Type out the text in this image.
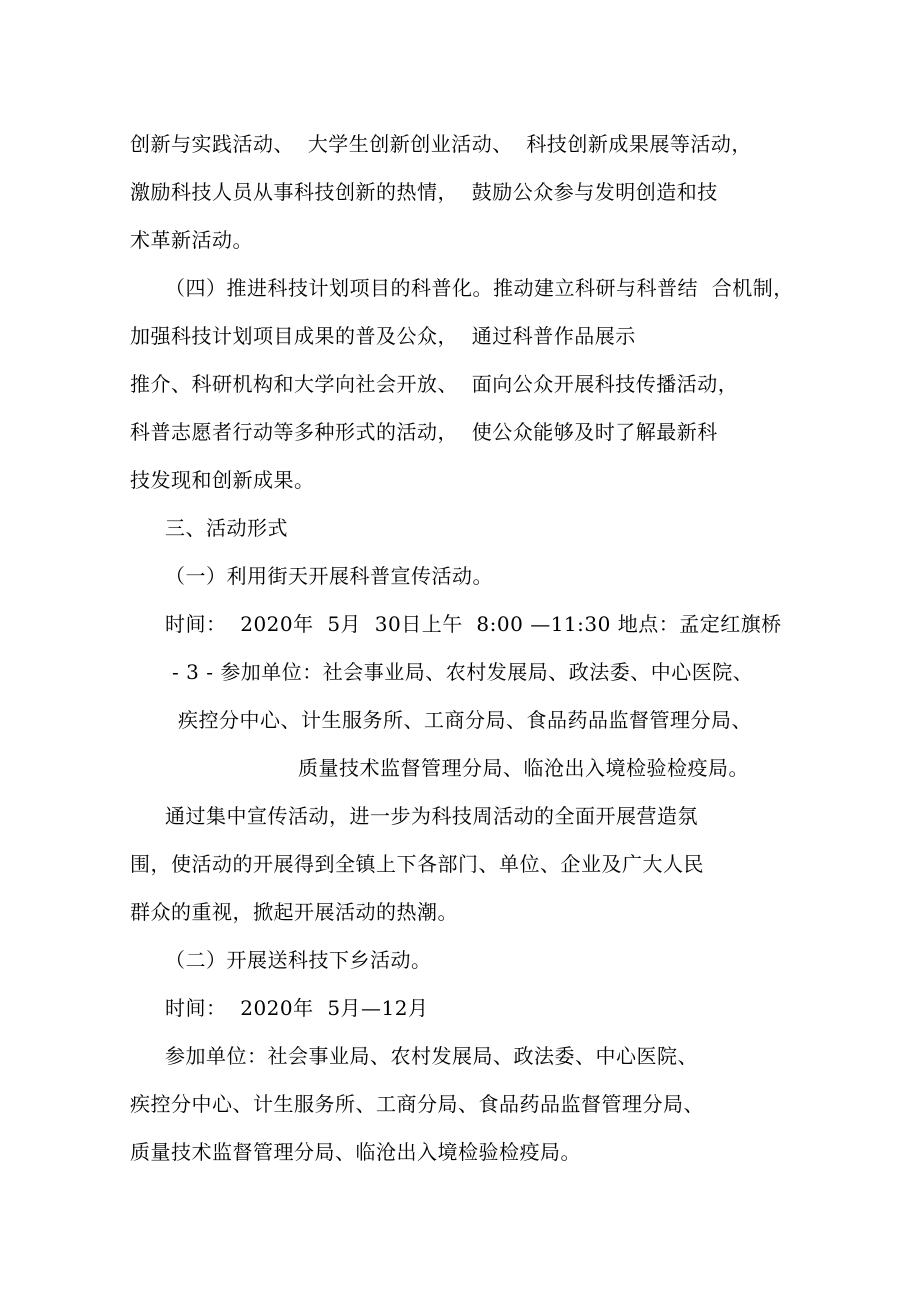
创新与实践活动、  大学生创新创业活动、  科技创新成果展等活动，
激励科技人员从事科技创新的热情，  鼓励公众参与发明创造和技
术革新活动。
（四）推进科技计划项目的科普化。推动建立科研与科普结  合机制，
加强科技计划项目成果的普及公众，  通过科普作品展示
推介、科研机构和大学向社会开放、  面向公众开展科技传播活动，
科普志愿者行动等多种形式的活动，  使公众能够及时了解最新科
技发现和创新成果。
三、活动形式
（一）利用街天开展科普宣传活动。
时间：  2020年  5月  30日上午  8:00 —11:30 地点：孟定红旗桥
- 3 - 参加单位：社会事业局、农村发展局、政法委、中心医院、
疾控分中心、计生服务所、工商分局、食品药品监督管理分局、
质量技术监督管理分局、临沧出入境检验检疫局。
通过集中宣传活动，进一步为科技周活动的全面开展营造氛
围，使活动的开展得到全镇上下各部门、单位、企业及广大人民
群众的重视，掀起开展活动的热潮。
（二）开展送科技下乡活动。
时间：  2020年  5月—12月
参加单位：社会事业局、农村发展局、政法委、中心医院、
疾控分中心、计生服务所、工商分局、食品药品监督管理分局、
质量技术监督管理分局、临沧出入境检验检疫局。
